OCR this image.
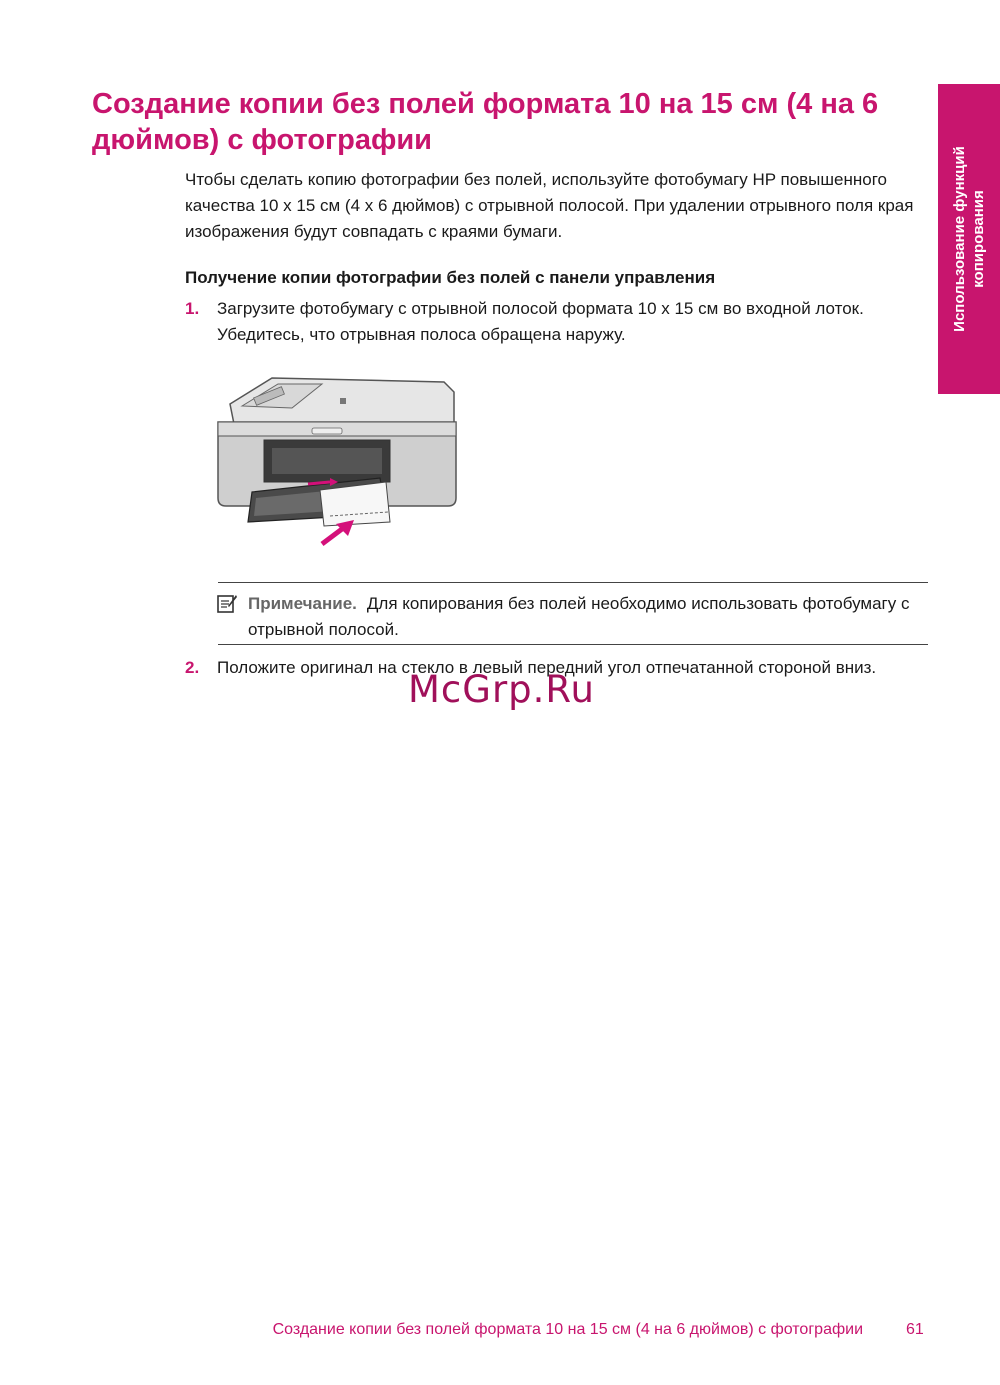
Создание копии без полей формата 10 на 15 см (4 на 6 дюймов) с фотографии

Чтобы сделать копию фотографии без полей, используйте фотобумагу HP повышенного качества 10 x 15 см (4 x 6 дюймов) с отрывной полосой. При удалении отрывного поля края изображения будут совпадать с краями бумаги.

Получение копии фотографии без полей с панели управления

1. Загрузите фотобумагу с отрывной полосой формата 10 x 15 см во входной лоток. Убедитесь, что отрывная полоса обращена наружу.
Примечание. Для копирования без полей необходимо использовать фотобумагу с отрывной полосой.
2. Положите оригинал на стекло в левый передний угол отпечатанной стороной вниз.
McGrp.Ru
Использование функций копирования
Создание копии без полей формата 10 на 15 см (4 на 6 дюймов) с фотографии	61
